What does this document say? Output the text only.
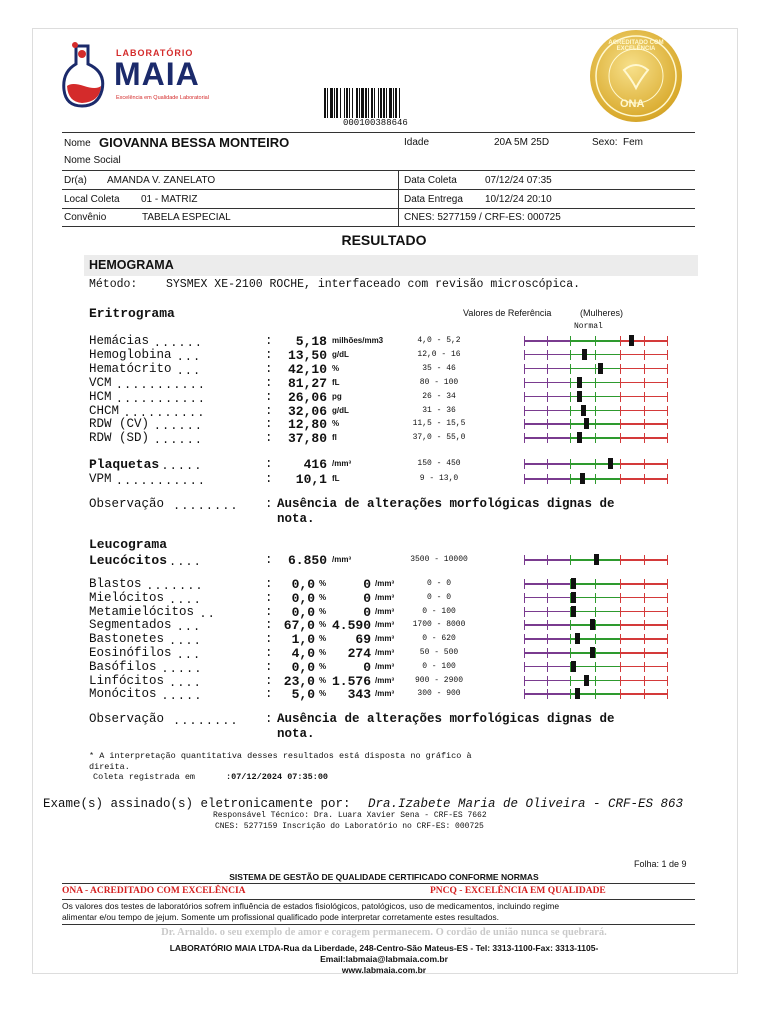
LABORATÓRIO
MAIA
Excelência em Qualidade Laboratorial
000100388646
ACREDITADO COM EXCELÊNCIA
ONA
Nome GIOVANNA BESSA MONTEIRO	Idade	20A 5M 25D	Sexo: Fem
Nome Social
Dr(a) AMANDA V. ZANELATO	Data Coleta	07/12/24 07:35
Local Coleta 01 - MATRIZ	Data Entrega 10/12/24 20:10
Convênio	TABELA ESPECIAL	CNES: 5277159 / CRF-ES: 000725
RESULTADO
HEMOGRAMA
Método: SYSMEX XE-2100 ROCHE, interfaceado com revisão microscópica.
Eritrograma	Valores de Referência	(Mulheres)
Normal
Hemácias ......	:	5,18 milhões/mm3	4,0 - 5,2
Hemoglobina ...	:	13,50 g/dL	12,0 - 16
Hematócrito ...	:	42,10 %	35 - 46
VCM ...........	:	81,27 fL	80 - 100
HCM ...........	:	26,06 pg	26 - 34
CHCM ..........	:	32,06 g/dL	31 - 36
RDW (CV) ......	:	12,80 %	11,5 - 15,5
RDW (SD) ......	:	37,80 fl	37,0 - 55,0
Plaquetas .....	:	416 /mm³	150 - 450
VPM ...........	:	10,1 fL	9 - 13,0
Observação ........ : Ausência de alterações morfológicas dignas de
nota.
Leucograma
Leucócitos ....	:	6.850 /mm³	3500 - 10000
Blastos .......	:	0,0 %	0 /mm³	0 - 0
Mielócitos ....	:	0,0 %	0 /mm³	0 - 0
Metamielócitos ..	:	0,0 %	0 /mm³	0 - 100
Segmentados ...	: 67,0 % 4.590 /mm³	1700 - 8000
Bastonetes ....	:	1,0 %	69 /mm³	0 - 620
Eosinófilos ...	:	4,0 %	274 /mm³	50 - 500
Basófilos .....	:	0,0 %	0 /mm³	0 - 100
Linfócitos ....	: 23,0 % 1.576 /mm³	900 - 2900
Monócitos .....	:	5,0 %	343 /mm³	300 - 900
Observação ........ : Ausência de alterações morfológicas dignas de
nota.
* A interpretação quantitativa desses resultados está disposta no gráfico à
direita.
Coleta registrada em	:07/12/2024 07:35:00
Exame(s) assinado(s) eletronicamente por: Dra.Izabete Maria de Oliveira - CRF-ES 863
Responsável Técnico: Dra. Luara Xavier Sena - CRF-ES 7662
CNES: 5277159 Inscrição do Laboratório no CRF-ES: 000725
Folha: 1 de 9
SISTEMA DE GESTÃO DE QUALIDADE CERTIFICADO CONFORME NORMAS
ONA - ACREDITADO COM EXCELÊNCIA	PNCQ - EXCELÊNCIA EM QUALIDADE
Os valores dos testes de laboratórios sofrem influência de estados fisiológicos, patológicos, uso de medicamentos, incluindo regime
alimentar e/ou tempo de jejum. Somente um profissional qualificado pode interpretar corretamente estes resultados.
Dr. Arnaldo. o seu exemplo de amor e coragem permanecem. O cordão de união nunca se quebrará.
LABORATÓRIO MAIA LTDA-Rua da Liberdade, 248-Centro-São Mateus-ES - Tel: 3313-1100-Fax: 3313-1105-
Email:labmaia@labmaia.com.br
www.labmaia.com.br
